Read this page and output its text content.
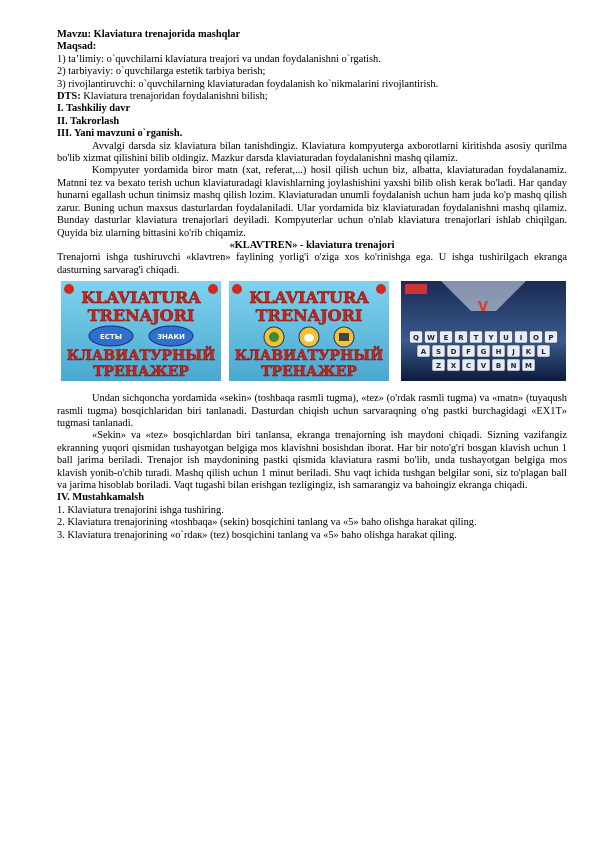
Mavzu: Klaviatura trenajorida mashqlar

Maqsad:

1) ta’limiy: o`quvchilarni klaviatura treajori va undan foydalanishni o`rgatish.

2) tarbiyaviy: o`quvchilarga estetik tarbiya berish;

3) rivojlantiruvchi: o`quvchilarning klaviaturadan foydalanish ko`nikmalarini rivojlantirish.

DTS: Klaviatura trenajoridan foydalanishni bilish;

I. Tashkiliy davr

II. Takrorlash

III. Yani mavzuni o`rganish.

Avvalgi darsda siz klaviatura bilan tanishdingiz. Klaviatura kompyuterga axborotlarni kiritishda asosiy qurilma bo'lib xizmat qilishini bilib oldingiz. Mazkur darsda klaviaturadan foydalanishni mashq qilamiz.

Kompyuter yordamida biror matn (xat, referat,...) hosil qilish uchun biz, albatta, klaviaturadan foydalanamiz. Matnni tez va bexato terish uchun klaviaturadagi klavishlarning joylashishini yaxshi bilib olish kerak bo'ladi. Har qanday hunarni egallash uchun tinimsiz mashq qilish lozim. Klaviaturadan unumli foydalanish uchun ham juda ko'p mashq qilish zarur. Buning uchun maxsus dasturlardan foydalaniladi. Ular yordamida biz klaviaturadan foydalanishni mashq qilamiz. Bunday dasturlar klaviatura trenajorlari deyiladi. Kompyuterlar uchun o'nlab klaviatura trenajorlari ishlab chiqilgan. Quyida biz ularning bittasini ko'rib chiqamiz.

«KLAVTREN» - klaviatura trenajori

Trenajorni ishga tushiruvchi «klavtren» faylining yorlig'i o'ziga xos ko'rinishga ega. U ishga tushirilgach ekranga dasturning sarvarag'i chiqadi.

KLAVIATURA
TRENAJORI
ЕСТЫ	ЗНАКИ
КЛАВИАТУРНЫЙ
ТРЕНАЖЕР
KLAVIATURA
TRENAJORI
КЛАВИАТУРНЫЙ
ТРЕНАЖЕР
V
Q W E R T Y U I O P
A S D F G H J K L
Z X C V B N M

Undan sichqoncha yordamida «sekin» (toshbaqa rasmli tugma), «tez» (o'rdak rasmli tugma) va «matn» (tuyaqush rasmli tugma) bosqichlaridan biri tanlanadi. Dasturdan chiqish uchun sarvaraqning o'ng pastki burchagidagi «EX1T» tugmasi tanlanadi.

«Sekin» va «tez» bosqichlardan biri tanlansa, ekranga trenajorning ish maydoni chiqadi. Sizning vazifangiz ekranning yuqori qismidan tushayotgan belgiga mos klavishni bosishdan iborat. Har bir noto'g'ri bosgan klavish uchun 1 ball jarima beriladi. Trenajor ish maydonining pastki qismida klaviatura rasmi bo'lib, unda tushayotgan belgiga mos klavish yonib-o'chib turadi. Mashq qilish uchun 1 minut beriladi. Shu vaqt ichida tushgan belgilar soni, siz to'plagan ball va jarima hisoblab boriladi. Vaqt tugashi bilan erishgan tezligingiz, ish samarangiz va bahoingiz ekranga chiqadi.

IV. Mustahkamalsh

1. Klaviatura trenajorini ishga tushiring.

2. Klaviatura trenajorining «toshbaqa» (sekin) bosqichini tanlang va «5» baho olishga harakat qiling.

3. Klaviatura trenajorining «o`rdaк» (tez) bosqichini tanlang va «5» baho olishga harakat qiling.
